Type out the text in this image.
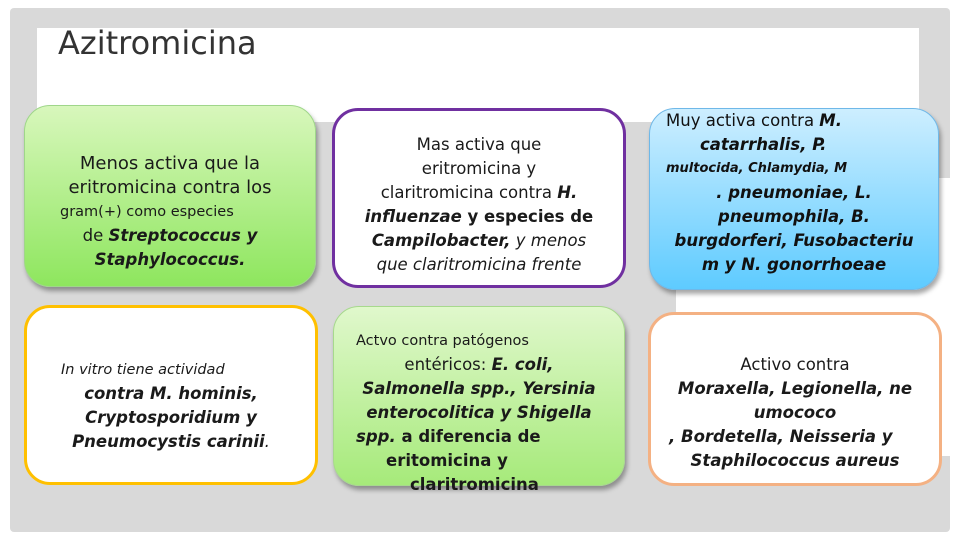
Azitromicina
Menos activa que la
eritromicina contra los
gram(+) como especies
de Streptococcus y
Staphylococcus.
Mas activa que
eritromicina y
claritromicina contra H.
influenzae y especies de
Campilobacter, y menos
que claritromicina frente
Muy activa contra M.
catarrhalis, P.
multocida, Chlamydia, M
. pneumoniae, L.
pneumophila, B.
burgdorferi, Fusobacteriu
m y N. gonorrhoeae
In vitro tiene actividad
contra M. hominis,
Cryptosporidium y
Pneumocystis carinii.
Actvo contra patógenos
entéricos: E. coli,
Salmonella spp., Yersinia
enterocolitica y Shigella
spp. a diferencia de
eritomicina y
claritromicina
Activo contra
Moraxella, Legionella, ne
umococo
, Bordetella, Neisseria y
Staphilococcus aureus
